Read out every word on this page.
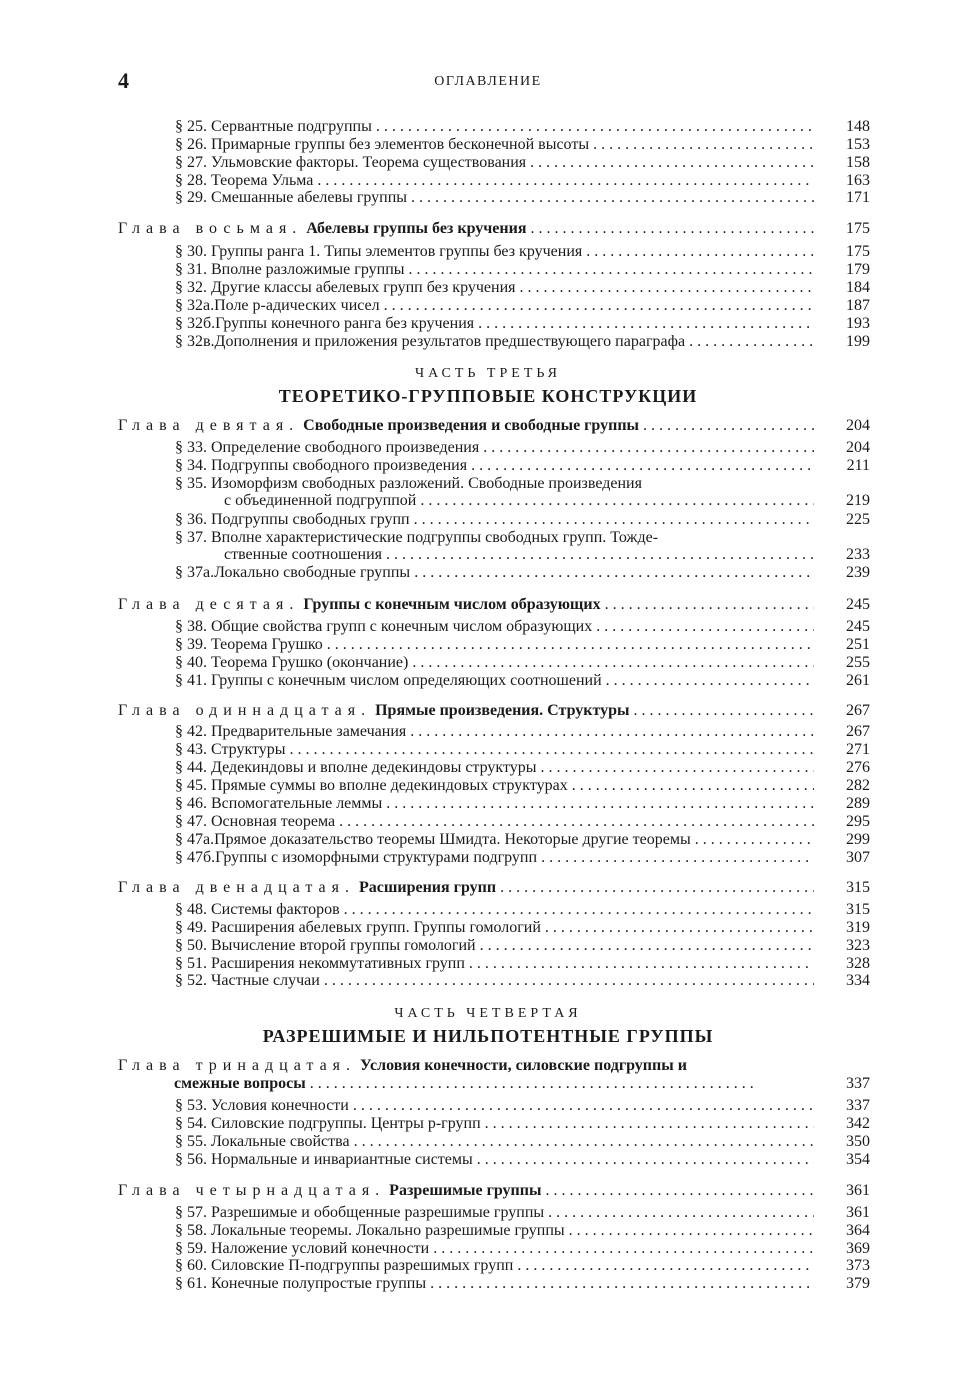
4	ОГЛАВЛЕНИЕ
§ 25. Сервантные подгруппы . . .	148
§ 26. Примарные группы без элементов бесконечной высоты . . .	153
§ 27. Ульмовские факторы. Теорема существования . . .	158
§ 28. Теорема Ульма . . .	163
§ 29. Смешанные абелевы группы . . .	171
Глава восьмая. Абелевы группы без кручения . . .	175
§ 30. Группы ранга 1. Типы элементов группы без кручения . . .	175
§ 31. Вполне разложимые группы . . .	179
§ 32. Другие классы абелевых групп без кручения . . .	184
§ 32а.Поле p-адических чисел . . .	187
§ 32б.Группы конечного ранга без кручения . . .	193
§ 32в.Дополнения и приложения результатов предшествующего параграфа . . .	199
ЧАСТЬ ТРЕТЬЯ
ТЕОРЕТИКО-ГРУППОВЫЕ КОНСТРУКЦИИ
Глава девятая. Свободные произведения и свободные группы . . .	204
§ 33. Определение свободного произведения . . .	204
§ 34. Подгруппы свободного произведения . . .	211
§ 35. Изоморфизм свободных разложений. Свободные произведения
с объединенной подгруппой . . .	219
§ 36. Подгруппы свободных групп . . .	225
§ 37. Вполне характеристические подгруппы свободных групп. Тожде-
ственные соотношения . . .	233
§ 37а.Локально свободные группы . . .	239
Глава десятая. Группы с конечным числом образующих . . .	245
§ 38. Общие свойства групп с конечным числом образующих . . .	245
§ 39. Теорема Грушко . . .	251
§ 40. Теорема Грушко (окончание) . . .	255
§ 41. Группы с конечным числом определяющих соотношений . . .	261
Глава одиннадцатая. Прямые произведения. Структуры . . .	267
§ 42. Предварительные замечания . . .	267
§ 43. Структуры . . .	271
§ 44. Дедекиндовы и вполне дедекиндовы структуры . . .	276
§ 45. Прямые суммы во вполне дедекиндовых структурах . . .	282
§ 46. Вспомогательные леммы . . .	289
§ 47. Основная теорема . . .	295
§ 47а.Прямое доказательство теоремы Шмидта. Некоторые другие теоремы . . .	299
§ 47б.Группы с изоморфными структурами подгрупп . . .	307
Глава двенадцатая. Расширения групп . . .	315
§ 48. Системы факторов . . .	315
§ 49. Расширения абелевых групп. Группы гомологий . . .	319
§ 50. Вычисление второй группы гомологий . . .	323
§ 51. Расширения некоммутативных групп . . .	328
§ 52. Частные случаи . . .	334
ЧАСТЬ ЧЕТВЕРТАЯ
РАЗРЕШИМЫЕ И НИЛЬПОТЕНТНЫЕ ГРУППЫ
Глава тринадцатая. Условия конечности, силовские подгруппы и
смежные вопросы . . .	337
§ 53. Условия конечности . . .	337
§ 54. Силовские подгруппы. Центры p-групп . . .	342
§ 55. Локальные свойства . . .	350
§ 56. Нормальные и инвариантные системы . . .	354
Глава четырнадцатая. Разрешимые группы . . .	361
§ 57. Разрешимые и обобщенные разрешимые группы . . .	361
§ 58. Локальные теоремы. Локально разрешимые группы . . .	364
§ 59. Наложение условий конечности . . .	369
§ 60. Силовские П-подгруппы разрешимых групп . . .	373
§ 61. Конечные полупростые группы . . .	379
